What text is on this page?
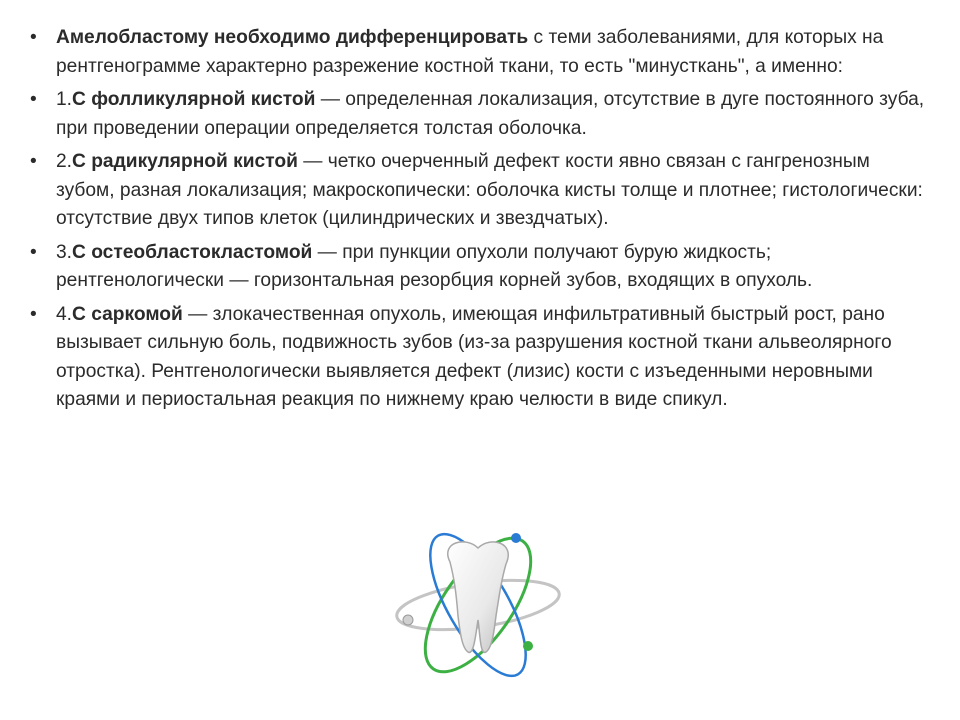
• Амелобластому необходимо дифференцировать с теми заболеваниями, для которых на рентгенограмме характерно разрежение костной ткани, то есть "минусткань", а именно:
• 1.С фолликулярной кистой — определенная локализация, отсутствие в дуге постоянного зуба, при проведении операции определяется толстая оболочка.
• 2.С радикулярной кистой — четко очерченный дефект кости явно связан с гангренозным зубом, разная локализация; макроскопически: оболочка кисты толще и плотнее; гистологически: отсутствие двух типов клеток (цилиндрических и звездчатых).
• 3.С остеобластокластомой — при пункции опухоли получают бурую жидкость; рентгенологически — горизонтальная резорбция корней зубов, входящих в опухоль.
• 4.С саркомой — злокачественная опухоль, имеющая инфильтративный быстрый рост, рано вызывает сильную боль, подвижность зубов (из-за разрушения костной ткани альвеолярного отростка). Рентгенологически выявляется дефект (лизис) кости с изъеденными неровными краями и периостальная реакция по нижнему краю челюсти в виде спикул.
